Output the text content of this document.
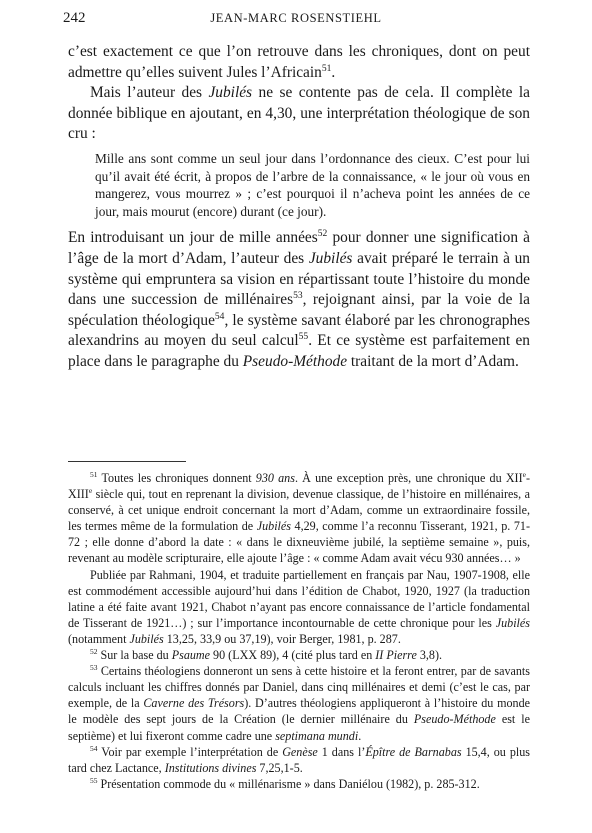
242	JEAN-MARC ROSENSTIEHL

c’est exactement ce que l’on retrouve dans les chroniques, dont on peut admettre qu’elles suivent Jules l’Africain$^{51}$.

Mais l’auteur des Jubilés ne se contente pas de cela. Il complète la donnée biblique en ajoutant, en 4,30, une interprétation théologique de son cru :

Mille ans sont comme un seul jour dans l’ordonnance des cieux. C’est pour lui qu’il avait été écrit, à propos de l’arbre de la connaissance, « le jour où vous en mangerez, vous mourrez » ; c’est pourquoi il n’acheva point les années de ce jour, mais mourut (encore) durant (ce jour).

En introduisant un jour de mille années$^{52}$ pour donner une signification à l’âge de la mort d’Adam, l’auteur des Jubilés avait préparé le terrain à un système qui empruntera sa vision en répartissant toute l’histoire du monde dans une succession de millénaires$^{53}$, rejoignant ainsi, par la voie de la spéculation théologique$^{54}$, le système savant élaboré par les chronographes alexandrins au moyen du seul calcul$^{55}$. Et ce système est parfaitement en place dans le paragraphe du Pseudo-Méthode traitant de la mort d’Adam.

$^{51}$ Toutes les chroniques donnent 930 ans. À une exception près, une chronique du XIIe-XIIIe siècle qui, tout en reprenant la division, devenue classique, de l’histoire en millénaires, a conservé, à cet unique endroit concernant la mort d’Adam, comme un extraordinaire fossile, les termes même de la formulation de Jubilés 4,29, comme l’a reconnu Tisserant, 1921, p. 71-72 ; elle donne d’abord la date : « dans le dixneuvième jubilé, la septième semaine », puis, revenant au modèle scripturaire, elle ajoute l’âge : « comme Adam avait vécu 930 années… »

Publiée par Rahmani, 1904, et traduite partiellement en français par Nau, 1907-1908, elle est commodément accessible aujourd’hui dans l’édition de Chabot, 1920, 1927 (la traduction latine a été faite avant 1921, Chabot n’ayant pas encore connaissance de l’article fondamental de Tisserant de 1921…) ; sur l’importance incontournable de cette chronique pour les Jubilés (notamment Jubilés 13,25, 33,9 ou 37,19), voir Berger, 1981, p. 287.

$^{52}$ Sur la base du Psaume 90 (LXX 89), 4 (cité plus tard en II Pierre 3,8).

$^{53}$ Certains théologiens donneront un sens à cette histoire et la feront entrer, par de savants calculs incluant les chiffres donnés par Daniel, dans cinq millénaires et demi (c’est le cas, par exemple, de la Caverne des Trésors). D’autres théologiens appliqueront à l’histoire du monde le modèle des sept jours de la Création (le dernier millénaire du Pseudo-Méthode est le septième) et lui fixeront comme cadre une septimana mundi.

$^{54}$ Voir par exemple l’interprétation de Genèse 1 dans l’Épître de Barnabas 15,4, ou plus tard chez Lactance, Institutions divines 7,25,1-5.

$^{55}$ Présentation commode du « millénarisme » dans Daniélou (1982), p. 285-312.
